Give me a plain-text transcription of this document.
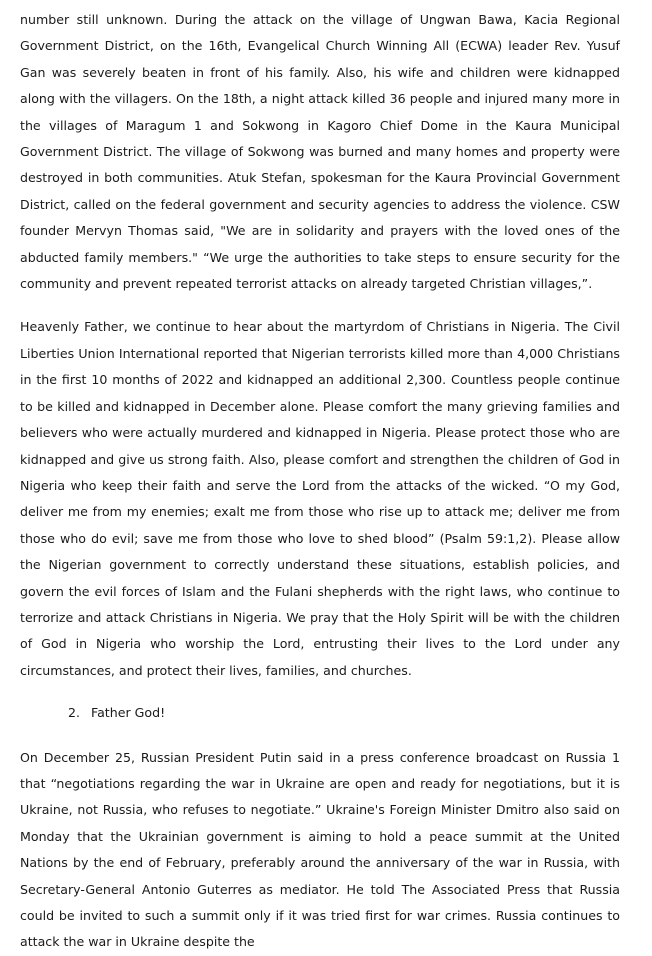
number still unknown. During the attack on the village of Ungwan Bawa, Kacia Regional Government District, on the 16th, Evangelical Church Winning All (ECWA) leader Rev. Yusuf Gan was severely beaten in front of his family. Also, his wife and children were kidnapped along with the villagers. On the 18th, a night attack killed 36 people and injured many more in the villages of Maragum 1 and Sokwong in Kagoro Chief Dome in the Kaura Municipal Government District. The village of Sokwong was burned and many homes and property were destroyed in both communities. Atuk Stefan, spokesman for the Kaura Provincial Government District, called on the federal government and security agencies to address the violence. CSW founder Mervyn Thomas said, "We are in solidarity and prayers with the loved ones of the abducted family members." “We urge the authorities to take steps to ensure security for the community and prevent repeated terrorist attacks on already targeted Christian villages,”.

Heavenly Father, we continue to hear about the martyrdom of Christians in Nigeria. The Civil Liberties Union International reported that Nigerian terrorists killed more than 4,000 Christians in the first 10 months of 2022 and kidnapped an additional 2,300. Countless people continue to be killed and kidnapped in December alone. Please comfort the many grieving families and believers who were actually murdered and kidnapped in Nigeria. Please protect those who are kidnapped and give us strong faith. Also, please comfort and strengthen the children of God in Nigeria who keep their faith and serve the Lord from the attacks of the wicked. “O my God, deliver me from my enemies; exalt me from those who rise up to attack me; deliver me from those who do evil; save me from those who love to shed blood” (Psalm 59:1,2). Please allow the Nigerian government to correctly understand these situations, establish policies, and govern the evil forces of Islam and the Fulani shepherds with the right laws, who continue to terrorize and attack Christians in Nigeria. We pray that the Holy Spirit will be with the children of God in Nigeria who worship the Lord, entrusting their lives to the Lord under any circumstances, and protect their lives, families, and churches.

2. Father God!

On December 25, Russian President Putin said in a press conference broadcast on Russia 1 that “negotiations regarding the war in Ukraine are open and ready for negotiations, but it is Ukraine, not Russia, who refuses to negotiate.” Ukraine's Foreign Minister Dmitro also said on Monday that the Ukrainian government is aiming to hold a peace summit at the United Nations by the end of February, preferably around the anniversary of the war in Russia, with Secretary-General Antonio Guterres as mediator. He told The Associated Press that Russia could be invited to such a summit only if it was tried first for war crimes. Russia continues to attack the war in Ukraine despite the
